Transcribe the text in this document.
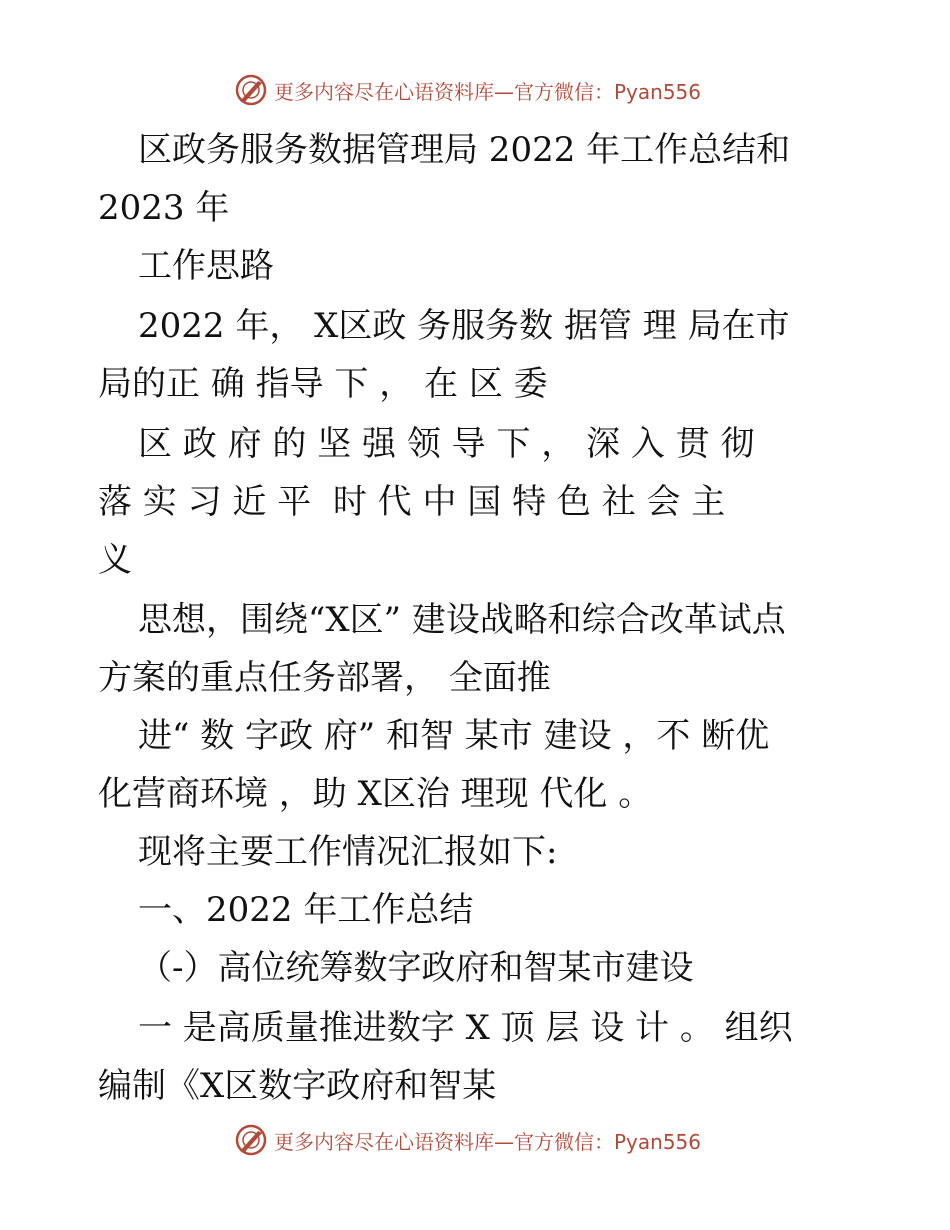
更多内容尽在心语资料库—官方微信：Pyan556
区政务服务数据管理局 2022 年工作总结和
2023 年
工作思路
2022 年， X区政 务服务数 据管 理 局在市
局的正 确 指导 下 ， 在 区 委
区 政 府 的 坚 强 领 导 下 ， 深 入 贯 彻
落 实 习 近 平  时 代 中 国 特 色 社 会 主
义
思想，围绕“X区” 建设战略和综合改革试点
方案的重点任务部署， 全面推
进“ 数 字政 府” 和智 某市 建设 ，不 断优
化营商环境 ，助 X区治 理现 代化 。
现将主要工作情况汇报如下:
一、2022 年工作总结
（-）高位统筹数字政府和智某市建设
一 是高质量推进数字 X 顶 层 设 计 。 组织
编制《X区数字政府和智某
更多内容尽在心语资料库—官方微信：Pyan556
